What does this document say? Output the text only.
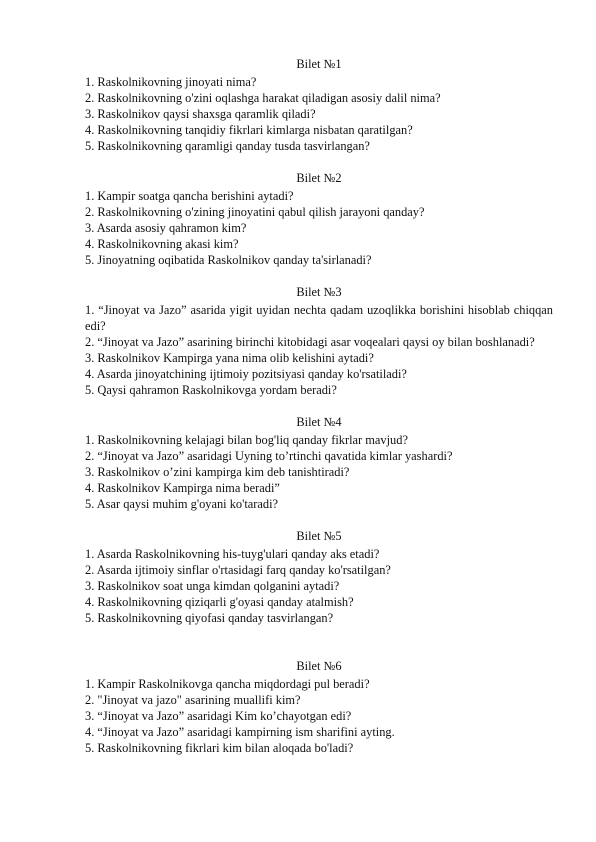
Bilet №1
1. Raskolnikovning jinoyati nima?
2. Raskolnikovning o'zini oqlashga harakat qiladigan asosiy dalil nima?
3. Raskolnikov qaysi shaxsga qaramlik qiladi?
4. Raskolnikovning tanqidiy fikrlari kimlarga nisbatan qaratilgan?
5. Raskolnikovning qaramligi qanday tusda tasvirlangan?
Bilet №2
1. Kampir soatga qancha berishini aytadi?
2. Raskolnikovning o'zining jinoyatini qabul qilish jarayoni qanday?
3. Asarda asosiy qahramon kim?
4. Raskolnikovning akasi kim?
5. Jinoyatning oqibatida Raskolnikov qanday ta'sirlanadi?
Bilet №3
1. “Jinoyat va Jazo” asarida yigit uyidan nechta qadam uzoqlikka borishini hisoblab chiqqan edi?
2. “Jinoyat va Jazo” asarining birinchi kitobidagi asar voqealari qaysi oy bilan boshlanadi?
3. Raskolnikov Kampirga yana nima olib kelishini aytadi?
4. Asarda jinoyatchining ijtimoiy pozitsiyasi qanday ko'rsatiladi?
5. Qaysi qahramon Raskolnikovga yordam beradi?
Bilet №4
1. Raskolnikovning kelajagi bilan bog'liq qanday fikrlar mavjud?
2. “Jinoyat va Jazo” asaridagi Uyning to’rtinchi qavatida kimlar yashardi?
3. Raskolnikov o’zini kampirga kim deb tanishtiradi?
4. Raskolnikov Kampirga nima beradi”
5. Asar qaysi muhim g'oyani ko'taradi?
Bilet №5
1. Asarda Raskolnikovning his-tuyg'ulari qanday aks etadi?
2. Asarda ijtimoiy sinflar o'rtasidagi farq qanday ko'rsatilgan?
3. Raskolnikov soat unga kimdan qolganini aytadi?
4. Raskolnikovning qiziqarli g'oyasi qanday atalmish?
5. Raskolnikovning qiyofasi qanday tasvirlangan?
Bilet №6
1. Kampir Raskolnikovga qancha miqdordagi pul beradi?
2. "Jinoyat va jazo" asarining muallifi kim?
3. “Jinoyat va Jazo” asaridagi Kim ko’chayotgan edi?
4. “Jinoyat va Jazo” asaridagi kampirning ism sharifini ayting.
5. Raskolnikovning fikrlari kim bilan aloqada bo'ladi?
